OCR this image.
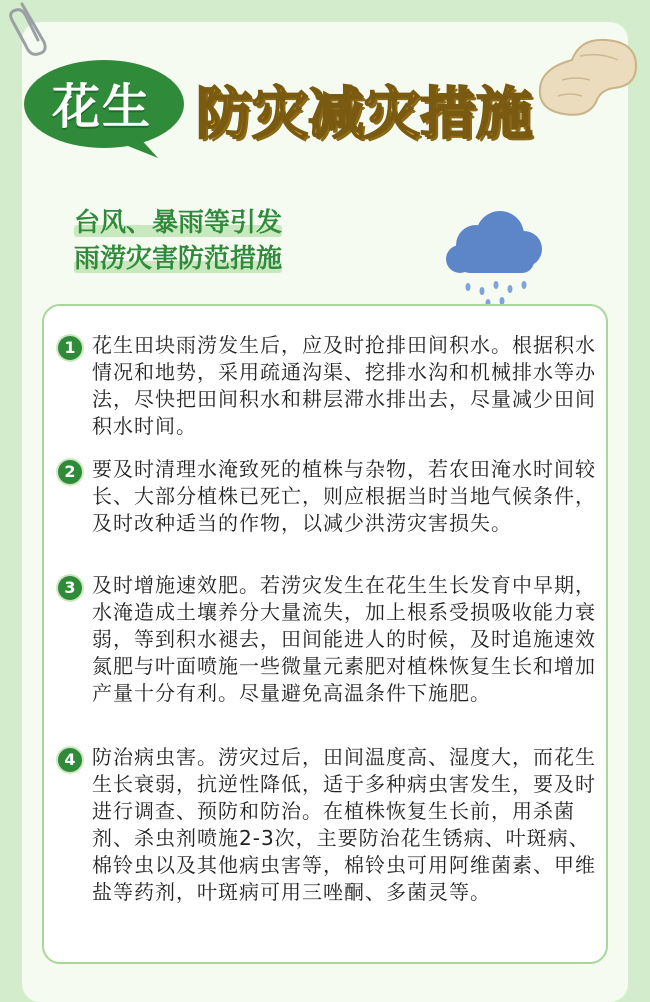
花生 防灾减灾措施
台风、暴雨等引发
雨涝灾害防范措施
1 花生田块雨涝发生后，应及时抢排田间积水。根据积水情况和地势，采用疏通沟渠、挖排水沟和机械排水等办法，尽快把田间积水和耕层滞水排出去，尽量减少田间积水时间。

2 要及时清理水淹致死的植株与杂物，若农田淹水时间较长、大部分植株已死亡，则应根据当时当地气候条件，及时改种适当的作物，以减少洪涝灾害损失。

3 及时增施速效肥。若涝灾发生在花生生长发育中早期，水淹造成土壤养分大量流失，加上根系受损吸收能力衰弱，等到积水褪去，田间能进人的时候，及时追施速效氮肥与叶面喷施一些微量元素肥对植株恢复生长和增加产量十分有利。尽量避免高温条件下施肥。

4 防治病虫害。涝灾过后，田间温度高、湿度大，而花生生长衰弱，抗逆性降低，适于多种病虫害发生，要及时进行调查、预防和防治。在植株恢复生长前，用杀菌剂、杀虫剂喷施2-3次，主要防治花生锈病、叶斑病、棉铃虫以及其他病虫害等，棉铃虫可用阿维菌素、甲维盐等药剂，叶斑病可用三唑酮、多菌灵等。
